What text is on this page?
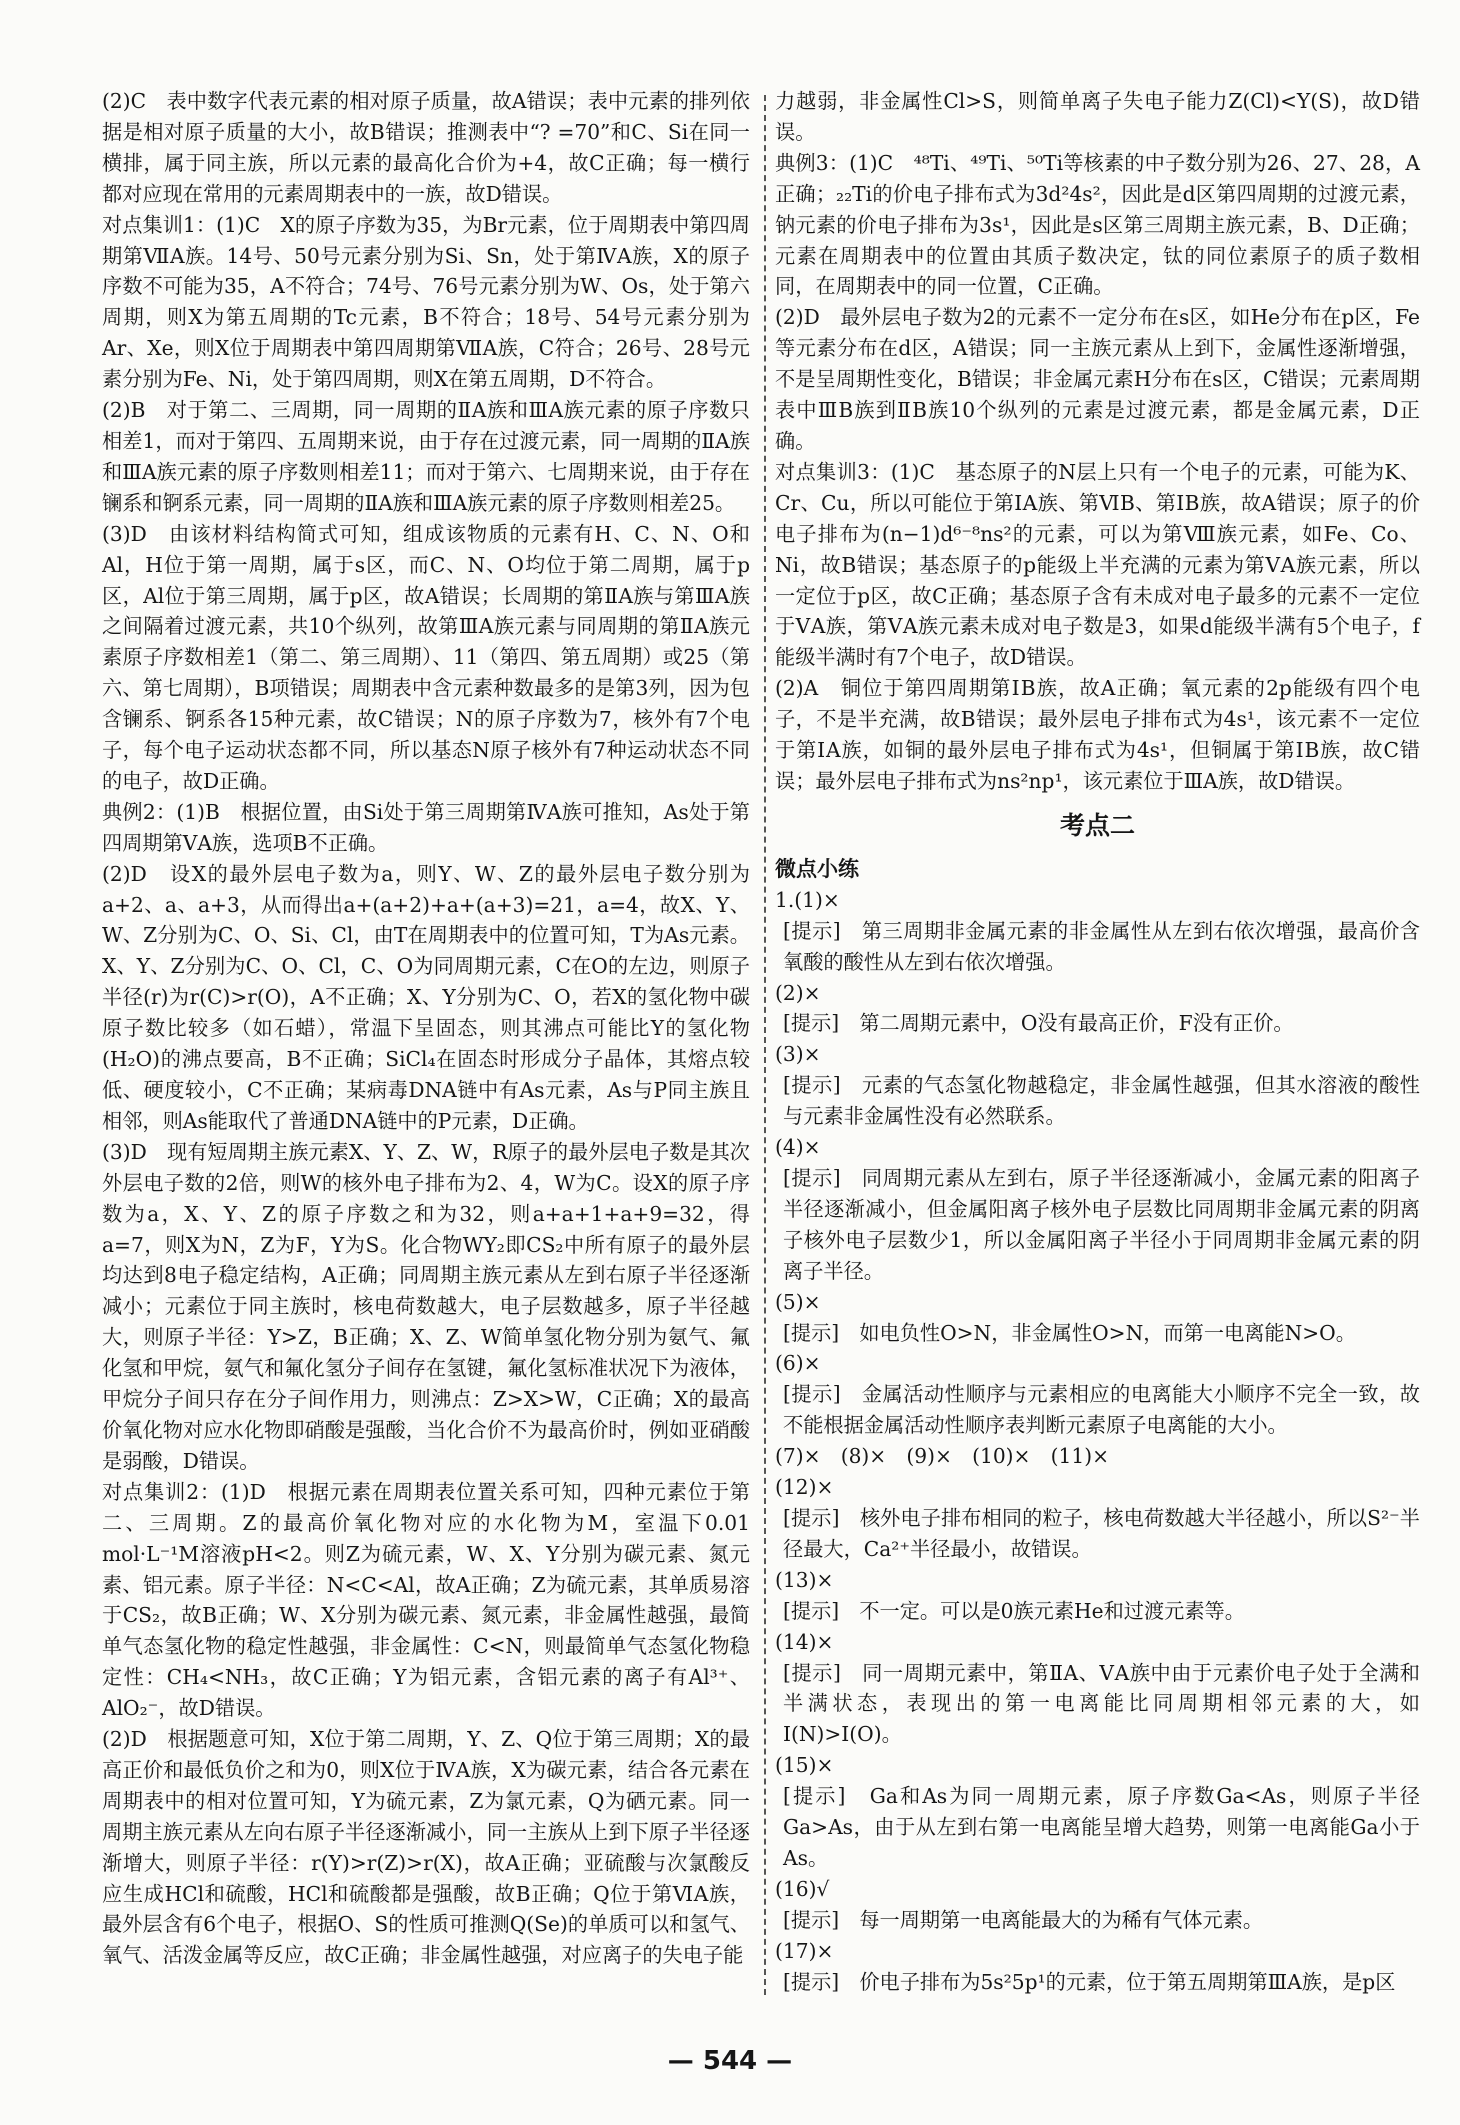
(2)C　表中数字代表元素的相对原子质量，故A错误；表中元素的排列依据是相对原子质量的大小，故B错误；推测表中“? =70”和C、Si在同一横排，属于同主族，所以元素的最高化合价为+4，故C正确；每一横行都对应现在常用的元素周期表中的一族，故D错误。

对点集训1：(1)C　X的原子序数为35，为Br元素，位于周期表中第四周期第ⅦA族。14号、50号元素分别为Si、Sn，处于第ⅣA族，X的原子序数不可能为35，A不符合；74号、76号元素分别为W、Os，处于第六周期，则X为第五周期的Tc元素，B不符合；18号、54号元素分别为Ar、Xe，则X位于周期表中第四周期第ⅦA族，C符合；26号、28号元素分别为Fe、Ni，处于第四周期，则X在第五周期，D不符合。

(2)B　对于第二、三周期，同一周期的ⅡA族和ⅢA族元素的原子序数只相差1，而对于第四、五周期来说，由于存在过渡元素，同一周期的ⅡA族和ⅢA族元素的原子序数则相差11；而对于第六、七周期来说，由于存在镧系和锕系元素，同一周期的ⅡA族和ⅢA族元素的原子序数则相差25。

(3)D　由该材料结构简式可知，组成该物质的元素有H、C、N、O和Al，H位于第一周期，属于s区，而C、N、O均位于第二周期，属于p区，Al位于第三周期，属于p区，故A错误；长周期的第ⅡA族与第ⅢA族之间隔着过渡元素，共10个纵列，故第ⅢA族元素与同周期的第ⅡA族元素原子序数相差1（第二、第三周期）、11（第四、第五周期）或25（第六、第七周期），B项错误；周期表中含元素种数最多的是第3列，因为包含镧系、锕系各15种元素，故C错误；N的原子序数为7，核外有7个电子，每个电子运动状态都不同，所以基态N原子核外有7种运动状态不同的电子，故D正确。

典例2：(1)B　根据位置，由Si处于第三周期第ⅣA族可推知，As处于第四周期第ⅤA族，选项B不正确。

(2)D　设X的最外层电子数为a，则Y、W、Z的最外层电子数分别为a+2、a、a+3，从而得出a+(a+2)+a+(a+3)=21，a=4，故X、Y、W、Z分别为C、O、Si、Cl，由T在周期表中的位置可知，T为As元素。X、Y、Z分别为C、O、Cl，C、O为同周期元素，C在O的左边，则原子半径(r)为r(C)>r(O)，A不正确；X、Y分别为C、O，若X的氢化物中碳原子数比较多（如石蜡），常温下呈固态，则其沸点可能比Y的氢化物(H₂O)的沸点要高，B不正确；SiCl₄在固态时形成分子晶体，其熔点较低、硬度较小，C不正确；某病毒DNA链中有As元素，As与P同主族且相邻，则As能取代了普通DNA链中的P元素，D正确。

(3)D　现有短周期主族元素X、Y、Z、W，R原子的最外层电子数是其次外层电子数的2倍，则W的核外电子排布为2、4，W为C。设X的原子序数为a，X、Y、Z的原子序数之和为32，则a+a+1+a+9=32，得a=7，则X为N，Z为F，Y为S。化合物WY₂即CS₂中所有原子的最外层均达到8电子稳定结构，A正确；同周期主族元素从左到右原子半径逐渐减小；元素位于同主族时，核电荷数越大，电子层数越多，原子半径越大，则原子半径：Y>Z，B正确；X、Z、W简单氢化物分别为氨气、氟化氢和甲烷，氨气和氟化氢分子间存在氢键，氟化氢标准状况下为液体，甲烷分子间只存在分子间作用力，则沸点：Z>X>W，C正确；X的最高价氧化物对应水化物即硝酸是强酸，当化合价不为最高价时，例如亚硝酸是弱酸，D错误。

对点集训2：(1)D　根据元素在周期表位置关系可知，四种元素位于第二、三周期。Z的最高价氧化物对应的水化物为M，室温下0.01 mol·L⁻¹M溶液pH<2。则Z为硫元素，W、X、Y分别为碳元素、氮元素、铝元素。原子半径：N<C<Al，故A正确；Z为硫元素，其单质易溶于CS₂，故B正确；W、X分别为碳元素、氮元素，非金属性越强，最简单气态氢化物的稳定性越强，非金属性：C<N，则最简单气态氢化物稳定性：CH₄<NH₃，故C正确；Y为铝元素，含铝元素的离子有Al³⁺、AlO₂⁻，故D错误。

(2)D　根据题意可知，X位于第二周期，Y、Z、Q位于第三周期；X的最高正价和最低负价之和为0，则X位于ⅣA族，X为碳元素，结合各元素在周期表中的相对位置可知，Y为硫元素，Z为氯元素，Q为硒元素。同一周期主族元素从左向右原子半径逐渐减小，同一主族从上到下原子半径逐渐增大，则原子半径：r(Y)>r(Z)>r(X)，故A正确；亚硫酸与次氯酸反应生成HCl和硫酸，HCl和硫酸都是强酸，故B正确；Q位于第ⅥA族，最外层含有6个电子，根据O、S的性质可推测Q(Se)的单质可以和氢气、氧气、活泼金属等反应，故C正确；非金属性越强，对应离子的失电子能

力越弱，非金属性Cl>S，则简单离子失电子能力Z(Cl)<Y(S)，故D错误。

典例3：(1)C　⁴⁸Ti、⁴⁹Ti、⁵⁰Ti等核素的中子数分别为26、27、28，A正确；₂₂Ti的价电子排布式为3d²4s²，因此是d区第四周期的过渡元素，钠元素的价电子排布为3s¹，因此是s区第三周期主族元素，B、D正确；元素在周期表中的位置由其质子数决定，钛的同位素原子的质子数相同，在周期表中的同一位置，C正确。

(2)D　最外层电子数为2的元素不一定分布在s区，如He分布在p区，Fe等元素分布在d区，A错误；同一主族元素从上到下，金属性逐渐增强，不是呈周期性变化，B错误；非金属元素H分布在s区，C错误；元素周期表中ⅢB族到ⅡB族10个纵列的元素是过渡元素，都是金属元素，D正确。

对点集训3：(1)C　基态原子的N层上只有一个电子的元素，可能为K、Cr、Cu，所以可能位于第ⅠA族、第ⅥB、第ⅠB族，故A错误；原子的价电子排布为(n−1)d⁶⁻⁸ns²的元素，可以为第Ⅷ族元素，如Fe、Co、Ni，故B错误；基态原子的p能级上半充满的元素为第ⅤA族元素，所以一定位于p区，故C正确；基态原子含有未成对电子最多的元素不一定位于ⅤA族，第ⅤA族元素未成对电子数是3，如果d能级半满有5个电子，f能级半满时有7个电子，故D错误。

(2)A　铜位于第四周期第ⅠB族，故A正确；氧元素的2p能级有四个电子，不是半充满，故B错误；最外层电子排布式为4s¹，该元素不一定位于第ⅠA族，如铜的最外层电子排布式为4s¹，但铜属于第ⅠB族，故C错误；最外层电子排布式为ns²np¹，该元素位于ⅢA族，故D错误。

考点二
微点小练

1.(1)×

[提示]　第三周期非金属元素的非金属性从左到右依次增强，最高价含氧酸的酸性从左到右依次增强。

(2)×

[提示]　第二周期元素中，O没有最高正价，F没有正价。

(3)×

[提示]　元素的气态氢化物越稳定，非金属性越强，但其水溶液的酸性与元素非金属性没有必然联系。

(4)×

[提示]　同周期元素从左到右，原子半径逐渐减小，金属元素的阳离子半径逐渐减小，但金属阳离子核外电子层数比同周期非金属元素的阴离子核外电子层数少1，所以金属阳离子半径小于同周期非金属元素的阴离子半径。

(5)×

[提示]　如电负性O>N，非金属性O>N，而第一电离能N>O。

(6)×

[提示]　金属活动性顺序与元素相应的电离能大小顺序不完全一致，故不能根据金属活动性顺序表判断元素原子电离能的大小。

(7)×　(8)×　(9)×　(10)×　(11)×

(12)×

[提示]　核外电子排布相同的粒子，核电荷数越大半径越小，所以S²⁻半径最大，Ca²⁺半径最小，故错误。

(13)×

[提示]　不一定。可以是0族元素He和过渡元素等。

(14)×

[提示]　同一周期元素中，第ⅡA、ⅤA族中由于元素价电子处于全满和半满状态，表现出的第一电离能比同周期相邻元素的大，如I(N)>I(O)。

(15)×

[提示]　Ga和As为同一周期元素，原子序数Ga<As，则原子半径Ga>As，由于从左到右第一电离能呈增大趋势，则第一电离能Ga小于As。

(16)√

[提示]　每一周期第一电离能最大的为稀有气体元素。

(17)×

[提示]　价电子排布为5s²5p¹的元素，位于第五周期第ⅢA族，是p区

— 544 —
